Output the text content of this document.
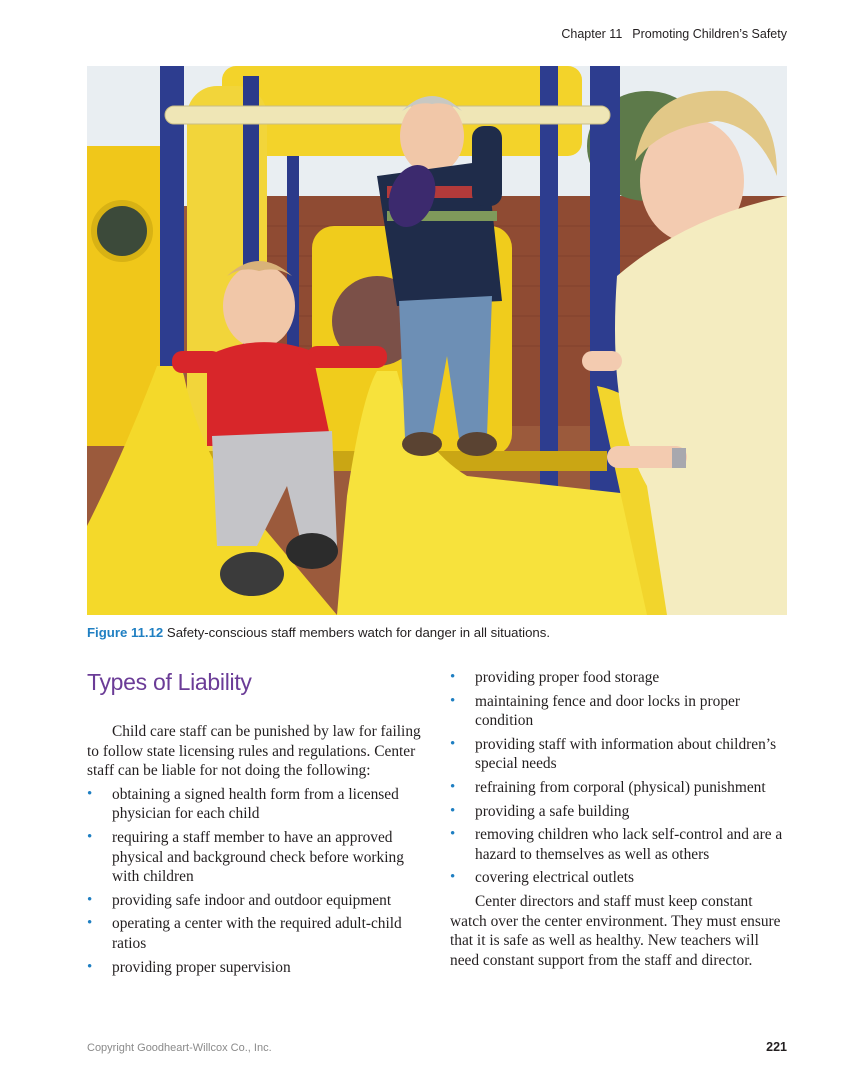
Chapter 11 Promoting Children’s Safety
Figure 11.12 Safety-conscious staff members watch for danger in all situations.
Types of Liability

Child care staff can be punished by law for failing to follow state licensing rules and regulations. Center staff can be liable for not doing the following:

• obtaining a signed health form from a licensed physician for each child
• requiring a staff member to have an approved physical and background check before working with children
• providing safe indoor and outdoor equipment
• operating a center with the required adult-child ratios
• providing proper supervision
• providing proper food storage
• maintaining fence and door locks in proper condition
• providing staff with information about children’s special needs
• refraining from corporal (physical) punishment
• providing a safe building
• removing children who lack self-control and are a hazard to themselves as well as others
• covering electrical outlets

Center directors and staff must keep constant watch over the center environment. They must ensure that it is safe as well as healthy. New teachers will need constant support from the staff and director.

Copyright Goodheart-Willcox Co., Inc.	221
